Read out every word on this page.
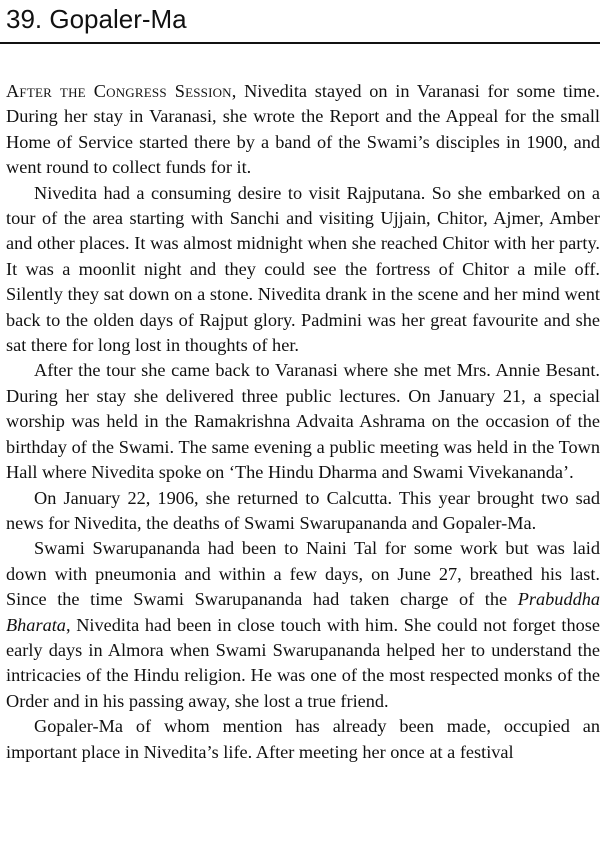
39. Gopaler-Ma

After the Congress Session, Nivedita stayed on in Varanasi for some time. During her stay in Varanasi, she wrote the Report and the Appeal for the small Home of Service started there by a band of the Swami’s disciples in 1900, and went round to collect funds for it.

Nivedita had a consuming desire to visit Rajputana. So she embarked on a tour of the area starting with Sanchi and visiting Ujjain, Chitor, Ajmer, Amber and other places. It was almost midnight when she reached Chitor with her party. It was a moonlit night and they could see the fortress of Chitor a mile off. Silently they sat down on a stone. Nivedita drank in the scene and her mind went back to the olden days of Rajput glory. Padmini was her great favourite and she sat there for long lost in thoughts of her.

After the tour she came back to Varanasi where she met Mrs. Annie Besant. During her stay she delivered three public lectures. On January 21, a special worship was held in the Ramakrishna Advaita Ashrama on the occasion of the birthday of the Swami. The same evening a public meeting was held in the Town Hall where Nivedita spoke on ‘The Hindu Dharma and Swami Vivekananda’.

On January 22, 1906, she returned to Calcutta. This year brought two sad news for Nivedita, the deaths of Swami Swarupananda and Gopaler-Ma.

Swami Swarupananda had been to Naini Tal for some work but was laid down with pneumonia and within a few days, on June 27, breathed his last. Since the time Swami Swarupananda had taken charge of the Prabuddha Bharata, Nivedita had been in close touch with him. She could not forget those early days in Almora when Swami Swarupananda helped her to understand the intricacies of the Hindu religion. He was one of the most respected monks of the Order and in his passing away, she lost a true friend.

Gopaler-Ma of whom mention has already been made, occupied an important place in Nivedita’s life. After meeting her once at a festival
